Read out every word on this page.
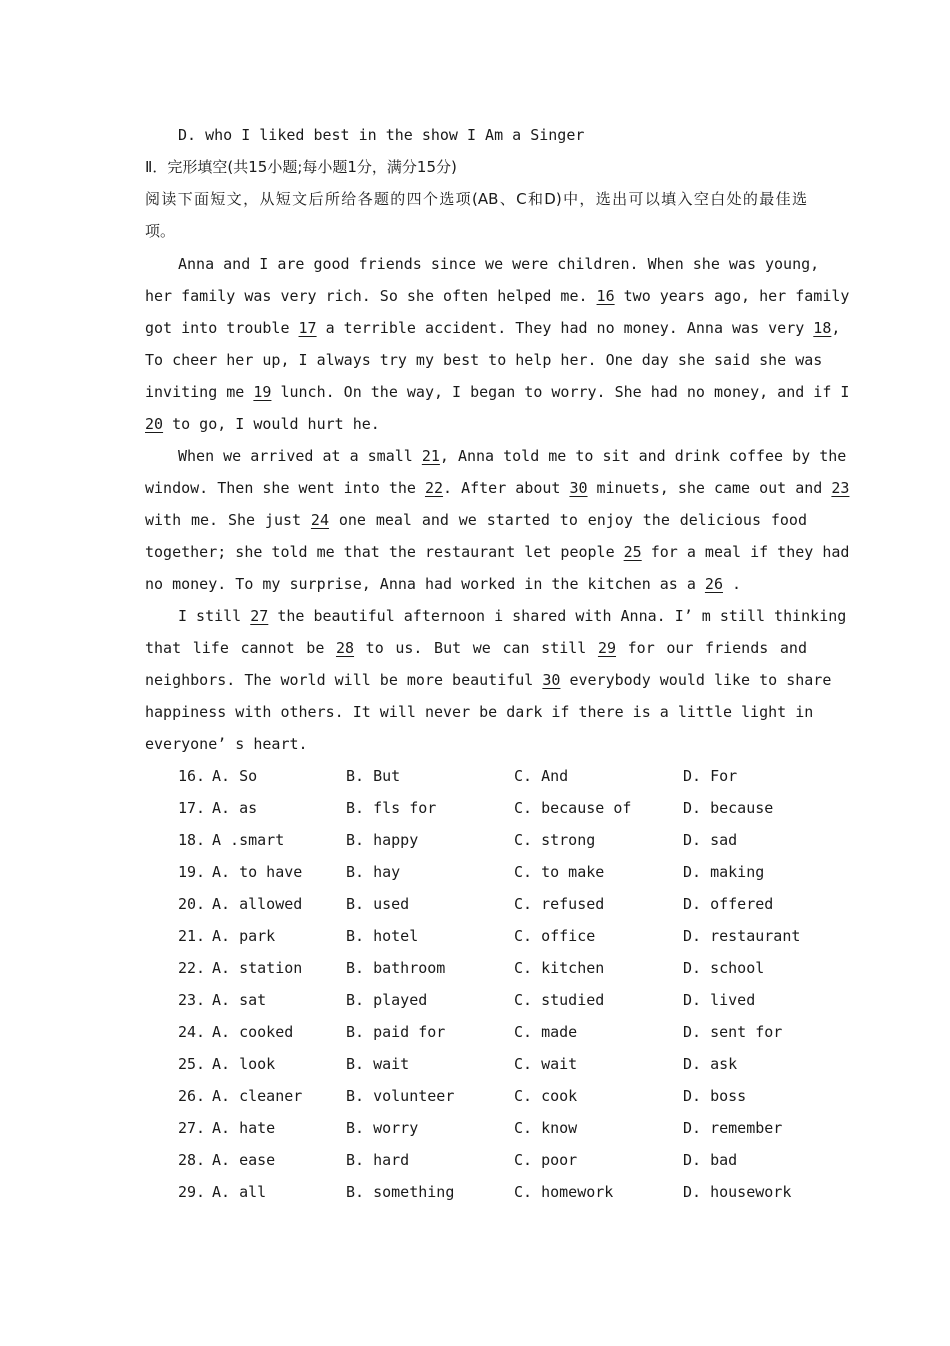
D. who I liked best in the show I Am a Singer
Ⅱ．完形填空(共15小题;每小题1分，满分15分)
阅读下面短文，从短文后所给各题的四个选项(AB、C和D)中，选出可以填入空白处的最佳选
项。
Anna and I are good friends since we were children. When she was young,
her family was very rich. So she often helped me. 16 two years ago, her family
got into trouble 17 a terrible accident. They had no money. Anna was very 18,
To cheer her up, I always try my best to help her. One day she said she was
inviting me 19 lunch. On the way, I began to worry. She had no money, and if I
20 to go, I would hurt he.
When we arrived at a small 21, Anna told me to sit and drink coffee by the
window. Then she went into the 22. After about 30 minuets, she came out and 23
with me. She just 24 one meal and we started to enjoy the delicious food
together; she told me that the restaurant let people 25 for a meal if they had
no money. To my surprise, Anna had worked in the kitchen as a 26 .
I still 27 the beautiful afternoon i shared with Anna. I’ m still thinking
that life cannot be 28 to us. But we can still 29 for our friends and
neighbors. The world will be more beautiful 30 everybody would like to share
happiness with others. It will never be dark if there is a little light in
everyone’ s heart.
16. A. So	B. But	C. And	D. For
17. A. as	B. fls for	C. because of	D. because
18. A .smart	B. happy	C. strong	D. sad
19. A. to have	B. hay	C. to make	D. making
20. A. allowed	B. used	C. refused	D. offered
21. A. park	B. hotel	C. office	D. restaurant
22. A. station	B. bathroom	C. kitchen	D. school
23. A. sat	B. played	C. studied	D. lived
24. A. cooked	B. paid for	C. made	D. sent for
25. A. look	B. wait	C. wait	D. ask
26. A. cleaner	B. volunteer	C. cook	D. boss
27. A. hate	B. worry	C. know	D. remember
28. A. ease	B. hard	C. poor	D. bad
29. A. all	B. something	C. homework	D. housework
